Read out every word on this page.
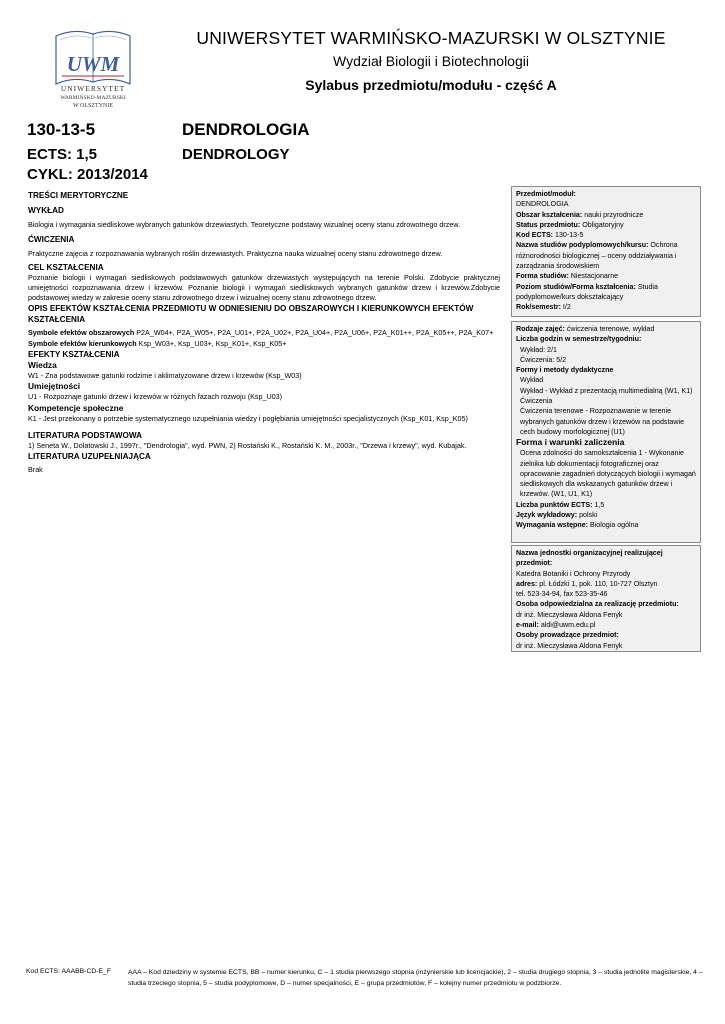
UWM
UNIWERSYTET
WARMIŃSKO-MAZURSKI
W OLSZTYNIE
UNIWERSYTET WARMIŃSKO-MAZURSKI W OLSZTYNIE
Wydział Biologii i Biotechnologii
Sylabus przedmiotu/modułu - część A
130-13-5
ECTS: 1,5
CYKL: 2013/2014
DENDROLOGIA
DENDROLOGY
TREŚCI MERYTORYCZNE
WYKŁAD
Biologia i wymagania siedliskowe wybranych gatunków drzewiastych. Teoretyczne podstawy wizualnej oceny stanu zdrowotnego drzew.
ĆWICZENIA
Praktyczne zajęcia z rozpoznawania wybranych roślin drzewiastych. Praktyczna nauka wizualnej oceny stanu zdrowotnego drzew.
CEL KSZTAŁCENIA
Poznanie biologii i wymagań siedliskowych podstawowych gatunków drzewiastych występujących na terenie Polski. Zdobycie praktycznej umiejętności rozpoznawania drzew i krzewów. Poznanie biologii i wymagań siedliskowych wybranych gatunków drzew i krzewów.Zdobycie podstawowej wiedzy w zakresie oceny stanu zdrowotnego drzew i wizualnej oceny stanu zdrowotnego drzew.
OPIS EFEKTÓW KSZTAŁCENIA PRZEDMIOTU W ODNIESIENIU DO OBSZAROWYCH I KIERUNKOWYCH EFEKTÓW KSZTAŁCENIA
Symbole efektów obszarowych P2A_W04+, P2A_W05+, P2A_U01+, P2A_U02+, P2A_U04+, P2A_U06+, P2A_K01++, P2A_K05++, P2A_K07+
Symbole efektów kierunkowych Ksp_W03+, Ksp_U03+, Ksp_K01+, Ksp_K05+
EFEKTY KSZTAŁCENIA
Wiedza
W1 - Zna podstawowe gatunki rodzime i aklimatyzowane drzew i krzewów (Ksp_W03)
Umiejętności
U1 - Rozpoznaje gatunki drzew i krzewów w różnych fazach rozwoju (Ksp_U03)
Kompetencje społeczne
K1 - Jest przekonany o potrzebie systematycznego uzupełniania wiedzy i pogłębiania umiejętności specjalistycznych (Ksp_K01, Ksp_K05)
LITERATURA PODSTAWOWA
1) Seneta W., Dolatowski J., 1997r., "Dendrologia", wyd. PWN, 2) Rostański K., Rostański K. M., 2003r., "Drzewa i krzewy", wyd. Kubajak.
LITERATURA UZUPEŁNIAJĄCA
Brak
Przedmiot/moduł:
DENDROLOGIA
Obszar kształcenia: nauki przyrodnicze
Status przedmiotu: Obligatoryjny
Kod ECTS: 130-13-5
Nazwa studiów podyplomowych/kursu: Ochrona różnorodności biologicznej – oceny oddziaływania i zarządzania środowiskiem
Forma studiów: Niestacjonarne
Poziom studiów/Forma kształcenia: Studia podyplomowe/kurs dokształcający
Rok/semestr: I/2
Rodzaje zajęć: ćwiczenia terenowe, wykład
Liczba godzin w semestrze/tygodniu:
Wykład: 2/1
Ćwiczenia: 5/2
Formy i metody dydaktyczne
Wykład
Wykład - Wykład z prezentacją multimedialną (W1, K1)
Ćwiczenia
Ćwiczenia terenowe - Rozpoznawanie w terenie wybranych gatunków drzew i krzewów na podstawie cech budowy morfologicznej (U1)
Forma i warunki zaliczenia
Ocena zdolności do samokształcenia 1 - Wykonanie zielnika lub dokumentacji fotograficznej oraz opracowanie zagadnień dotyczących biologii i wymagań siedliskowych dla wskazanych gatunków drzew i krzewów. (W1, U1, K1)
Liczba punktów ECTS: 1,5
Język wykładowy: polski
Wymagania wstępne: Biologia ogólna
Nazwa jednostki organizacyjnej realizującej przedmiot:
Katedra Botaniki i Ochrony Przyrody
adres: pl. Łódzki 1, pok. 110, 10-727 Olsztyn
tel. 523-34-94, fax 523-35-46
Osoba odpowiedzialna za realizację przedmiotu:
dr inż. Mieczysława Aldona Fenyk
e-mail: aldi@uwm.edu.pl
Osoby prowadzące przedmiot:
dr inż. Mieczysława Aldona Fenyk
Kod ECTS: AAABB-CD-E_F	AAA – Kod dziedziny w systemie ECTS, BB – numer kierunku, C – 1 studia pierwszego stopnia (inżynierskie lub licencjackie), 2 – studia drugiego stopnia, 3 – studia jednolite magisterskie, 4 – studia trzeciego stopnia, 5 – studia podyplomowe, D – numer specjalności, E – grupa przedmiotów, F – kolejny numer przedmiotu w podzbiorze.
